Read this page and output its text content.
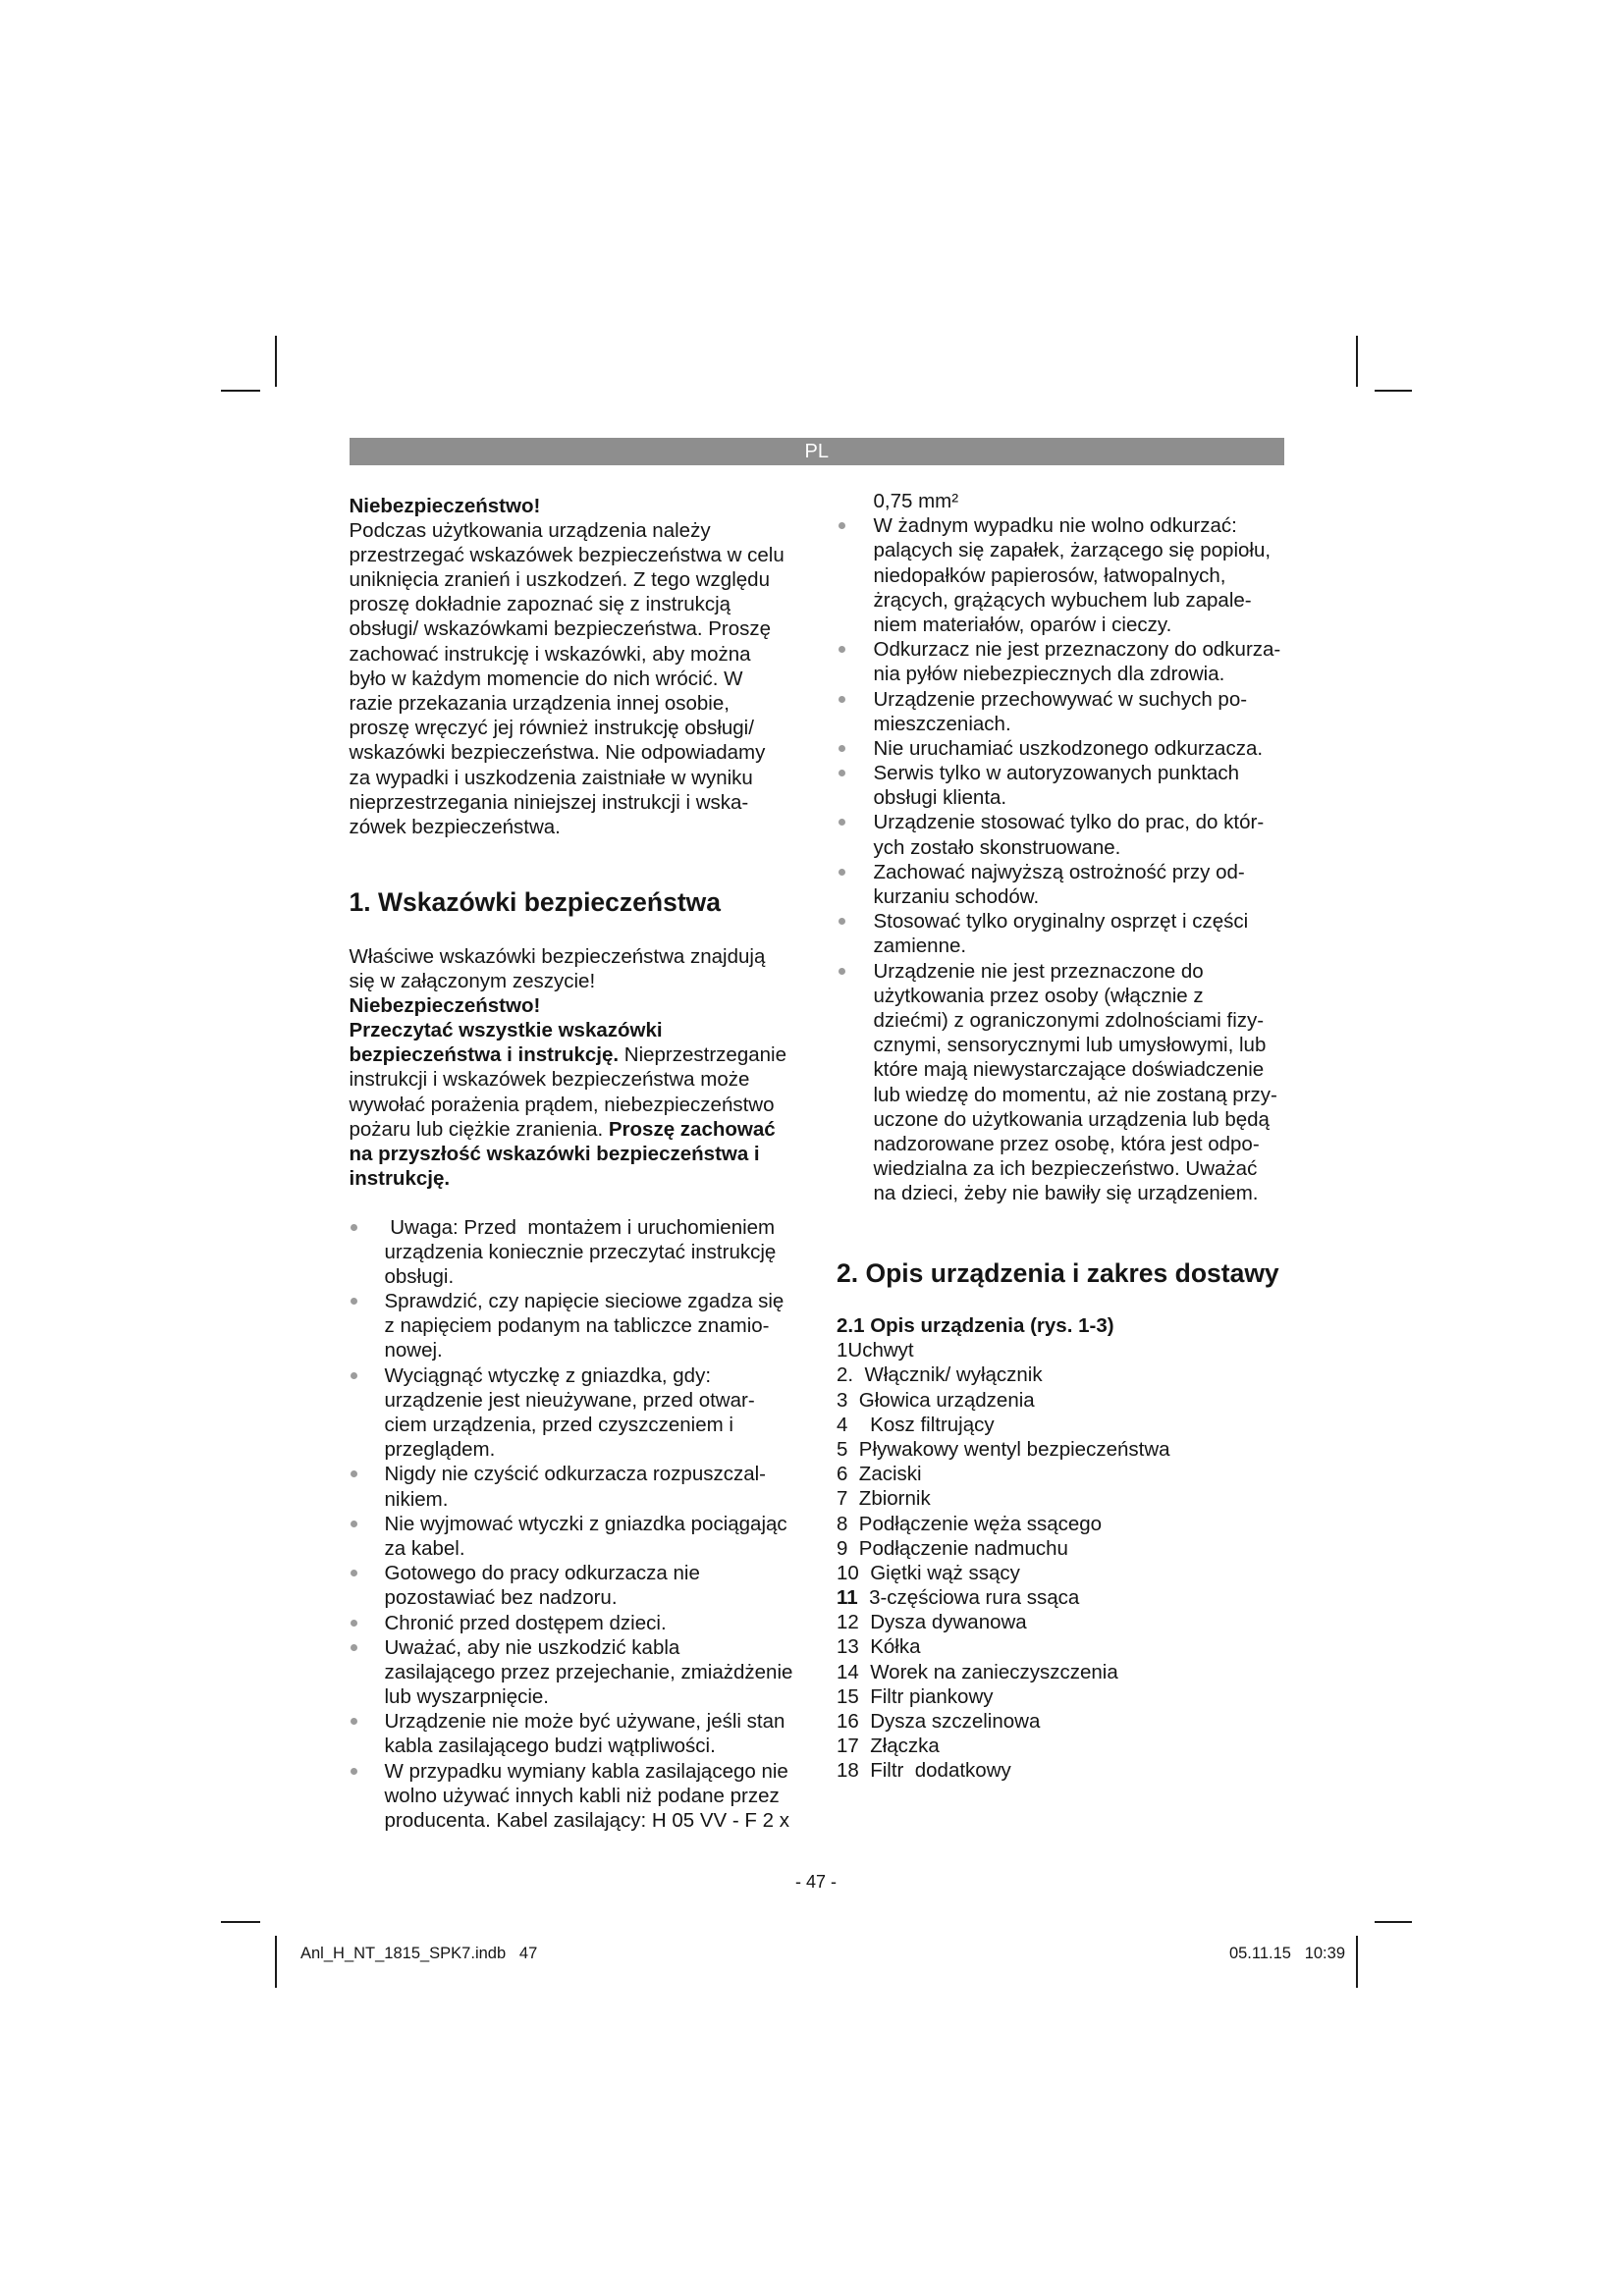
PL
Niebezpieczeństwo!
Podczas użytkowania urządzenia należy
przestrzegać wskazówek bezpieczeństwa w celu
uniknięcia zranień i uszkodzeń. Z tego względu
proszę dokładnie zapoznać się z instrukcją
obsługi/ wskazówkami bezpieczeństwa. Proszę
zachować instrukcję i wskazówki, aby można
było w każdym momencie do nich wrócić. W
razie przekazania urządzenia innej osobie,
proszę wręczyć jej również instrukcję obsługi/
wskazówki bezpieczeństwa. Nie odpowiadamy
za wypadki i uszkodzenia zaistniałe w wyniku
nieprzestrzegania niniejszej instrukcji i wska-
zówek bezpieczeństwa.
1. Wskazówki bezpieczeństwa
Właściwe wskazówki bezpieczeństwa znajdują
się w załączonym zeszycie!
Niebezpieczeństwo!
Przeczytać wszystkie wskazówki
bezpieczeństwa i instrukcję. Nieprzestrzeganie
instrukcji i wskazówek bezpieczeństwa może
wywołać porażenia prądem, niebezpieczeństwo
pożaru lub ciężkie zranienia. Proszę zachować
na przyszłość wskazówki bezpieczeństwa i
instrukcję.
Uwaga: Przed  montażem i uruchomieniem
urządzenia koniecznie przeczytać instrukcję
obsługi.
Sprawdzić, czy napięcie sieciowe zgadza się
z napięciem podanym na tabliczce znamio-
nowej.
Wyciągnąć wtyczkę z gniazdka, gdy:
urządzenie jest nieużywane, przed otwar-
ciem urządzenia, przed czyszczeniem i
przeglądem.
Nigdy nie czyścić odkurzacza rozpuszczal-
nikiem.
Nie wyjmować wtyczki z gniazdka pociągając
za kabel.
Gotowego do pracy odkurzacza nie
pozostawiać bez nadzoru.
Chronić przed dostępem dzieci.
Uważać, aby nie uszkodzić kabla
zasilającego przez przejechanie, zmiażdżenie
lub wyszarpnięcie.
Urządzenie nie może być używane, jeśli stan
kabla zasilającego budzi wątpliwości.
W przypadku wymiany kabla zasilającego nie
wolno używać innych kabli niż podane przez
producenta. Kabel zasilający: H 05 VV - F 2 x
0,75 mm²
W żadnym wypadku nie wolno odkurzać:
palących się zapałek, żarzącego się popiołu,
niedopałków papierosów, łatwopalnych,
żrących, grążących wybuchem lub zapale-
niem materiałów, oparów i cieczy.
Odkurzacz nie jest przeznaczony do odkurza-
nia pyłów niebezpiecznych dla zdrowia.
Urządzenie przechowywać w suchych po-
mieszczeniach.
Nie uruchamiać uszkodzonego odkurzacza.
Serwis tylko w autoryzowanych punktach
obsługi klienta.
Urządzenie stosować tylko do prac, do któr-
ych zostało skonstruowane.
Zachować najwyższą ostrożność przy od-
kurzaniu schodów.
Stosować tylko oryginalny osprzęt i części
zamienne.
Urządzenie nie jest przeznaczone do
użytkowania przez osoby (włącznie z
dziećmi) z ograniczonymi zdolnościami fizy-
cznymi, sensorycznymi lub umysłowymi, lub
które mają niewystarczające doświadczenie
lub wiedzę do momentu, aż nie zostaną przy-
uczone do użytkowania urządzenia lub będą
nadzorowane przez osobę, która jest odpo-
wiedzialna za ich bezpieczeństwo. Uważać
na dzieci, żeby nie bawiły się urządzeniem.
2. Opis urządzenia i zakres dostawy
2.1 Opis urządzenia (rys. 1-3)
1Uchwyt
2.  Włącznik/ wyłącznik
3  Głowica urządzenia
4    Kosz filtrujący
5  Pływakowy wentyl bezpieczeństwa
6  Zaciski
7  Zbiornik
8  Podłączenie węża ssącego
9  Podłączenie nadmuchu
10  Giętki wąż ssący
11  3-częściowa rura ssąca
12  Dysza dywanowa
13  Kółka
14  Worek na zanieczyszczenia
15  Filtr piankowy
16  Dysza szczelinowa
17  Złączka
18  Filtr  dodatkowy
- 47 -
Anl_H_NT_1815_SPK7.indb   47	05.11.15   10:39
